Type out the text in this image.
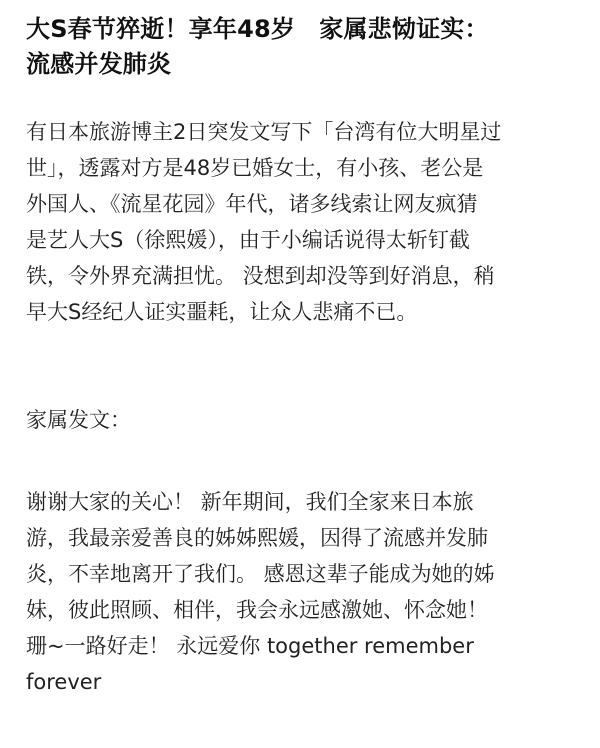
大S春节猝逝！享年48岁　家属悲恸证实：
流感并发肺炎
有日本旅游博主2日突发文写下「台湾有位大明星过
世」，透露对方是48岁已婚女士，有小孩、老公是
外国人、《流星花园》年代，诸多线索让网友疯猜
是艺人大S（徐熙媛），由于小编话说得太斩钉截
铁，令外界充满担忧。 没想到却没等到好消息，稍
早大S经纪人证实噩耗，让众人悲痛不已。
家属发文：
谢谢大家的关心！ 新年期间，我们全家来日本旅
游，我最亲爱善良的姊姊熙媛，因得了流感并发肺
炎，不幸地离开了我们。 感恩这辈子能成为她的姊
妹，彼此照顾、相伴，我会永远感激她、怀念她！
珊~一路好走！ 永远爱你 together remember
forever
